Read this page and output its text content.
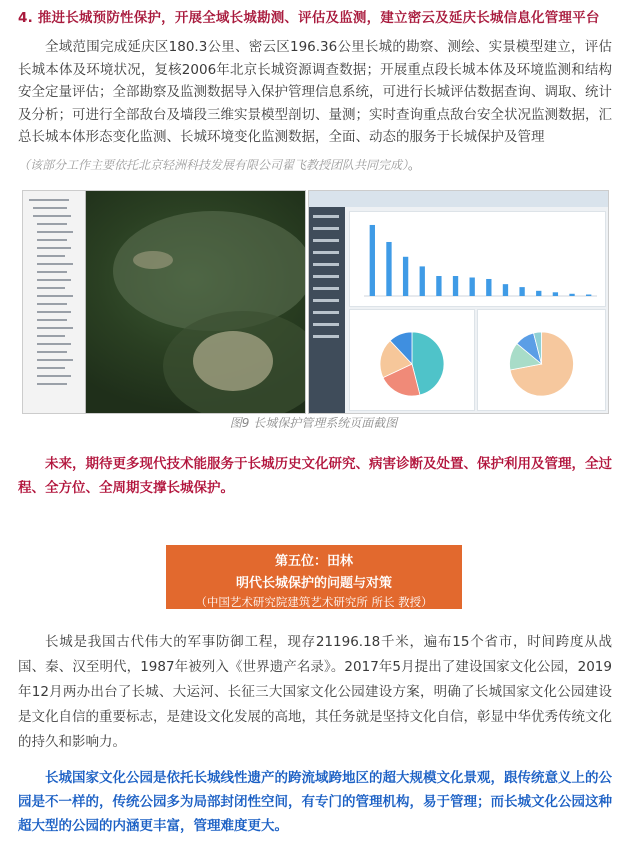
4. 推进长城预防性保护，开展全域长城勘测、评估及监测，建立密云及延庆长城信息化管理平台
全域范围完成延庆区180.3公里、密云区196.36公里长城的勘察、测绘、实景模型建立，评估长城本体及环境状况，复核2006年北京长城资源调查数据；开展重点段长城本体及环境监测和结构安全定量评估；全部勘察及监测数据导入保护管理信息系统，可进行长城评估数据查询、调取、统计及分析；可进行全部敌台及墙段三维实景模型剖切、量测；实时查询重点敌台安全状况监测数据，汇总长城本体形态变化监测、长城环境变化监测数据，全面、动态的服务于长城保护及管理
（该部分工作主要依托北京轻洲科技发展有限公司翟飞教授团队共同完成）。
图9 长城保护管理系统页面截图
未来，期待更多现代技术能服务于长城历史文化研究、病害诊断及处置、保护利用及管理，全过程、全方位、全周期支撑长城保护。
第五位：田林
明代长城保护的问题与对策
（中国艺术研究院建筑艺术研究所 所长 教授）
长城是我国古代伟大的军事防御工程，现存21196.18千米，遍布15个省市，时间跨度从战国、秦、汉至明代，1987年被列入《世界遗产名录》。2017年5月提出了建设国家文化公园，2019年12月两办出台了长城、大运河、长征三大国家文化公园建设方案，明确了长城国家文化公园建设是文化自信的重要标志，是建设文化发展的高地，其任务就是坚持文化自信，彰显中华优秀传统文化的持久和影响力。
长城国家文化公园是依托长城线性遗产的跨流域跨地区的超大规模文化景观，跟传统意义上的公园是不一样的，传统公园多为局部封闭性空间，有专门的管理机构，易于管理；而长城文化公园这种超大型的公园的内涵更丰富，管理难度更大。
